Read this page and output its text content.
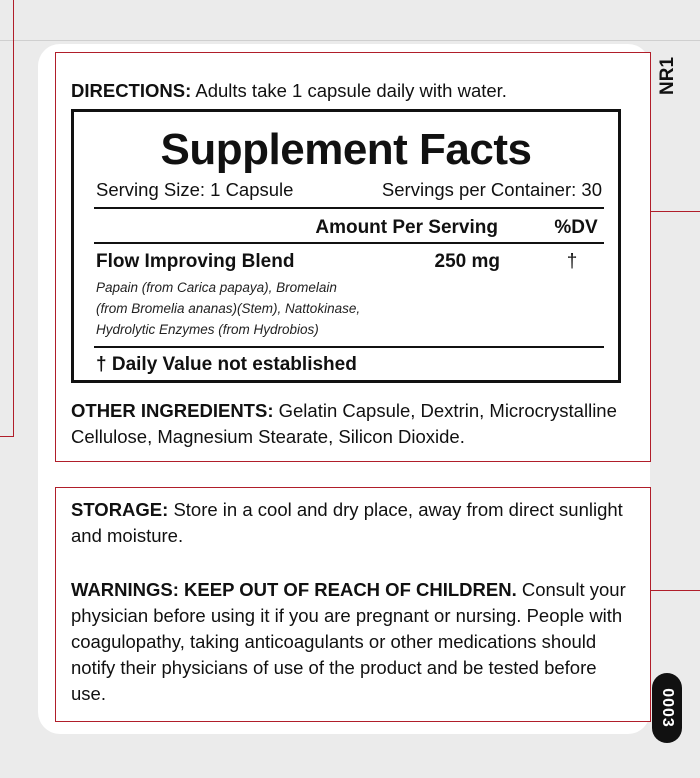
DIRECTIONS: Adults take 1 capsule daily with water.
Supplement Facts
Serving Size: 1 Capsule	Servings per Container: 30
Amount Per Serving	%DV
Flow Improving Blend	250 mg	†
Papain (from Carica papaya), Bromelain
(from Bromelia ananas)(Stem), Nattokinase,
Hydrolytic Enzymes (from Hydrobios)
† Daily Value not established
OTHER INGREDIENTS: Gelatin Capsule, Dextrin, Microcrystalline Cellulose, Magnesium Stearate, Silicon Dioxide.
STORAGE: Store in a cool and dry place, away from direct sunlight and moisture.
WARNINGS: KEEP OUT OF REACH OF CHILDREN. Consult your physician before using it if you are pregnant or nursing. People with coagulopathy, taking anticoagulants or other medications should notify their physicians of use of the product and be tested before use.
NR1
0003
